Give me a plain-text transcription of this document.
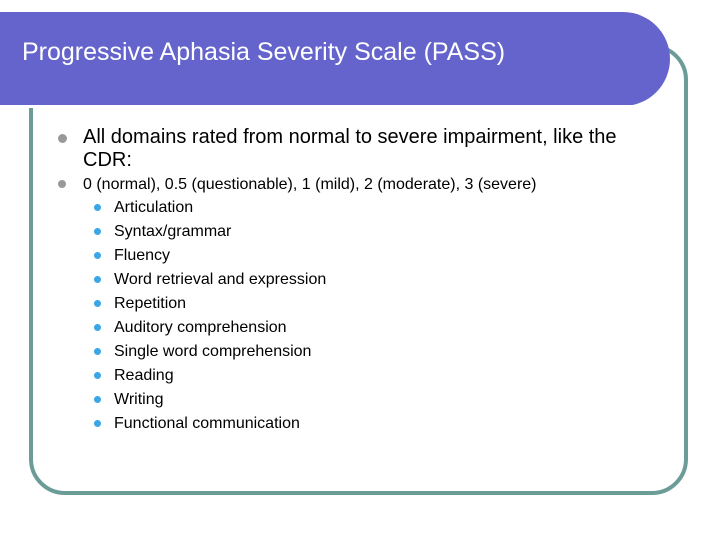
Progressive Aphasia Severity Scale (PASS)
All domains rated from normal to severe impairment, like the CDR:
0 (normal), 0.5 (questionable), 1 (mild), 2 (moderate), 3 (severe)
Articulation
Syntax/grammar
Fluency
Word retrieval and expression
Repetition
Auditory comprehension
Single word comprehension
Reading
Writing
Functional communication
